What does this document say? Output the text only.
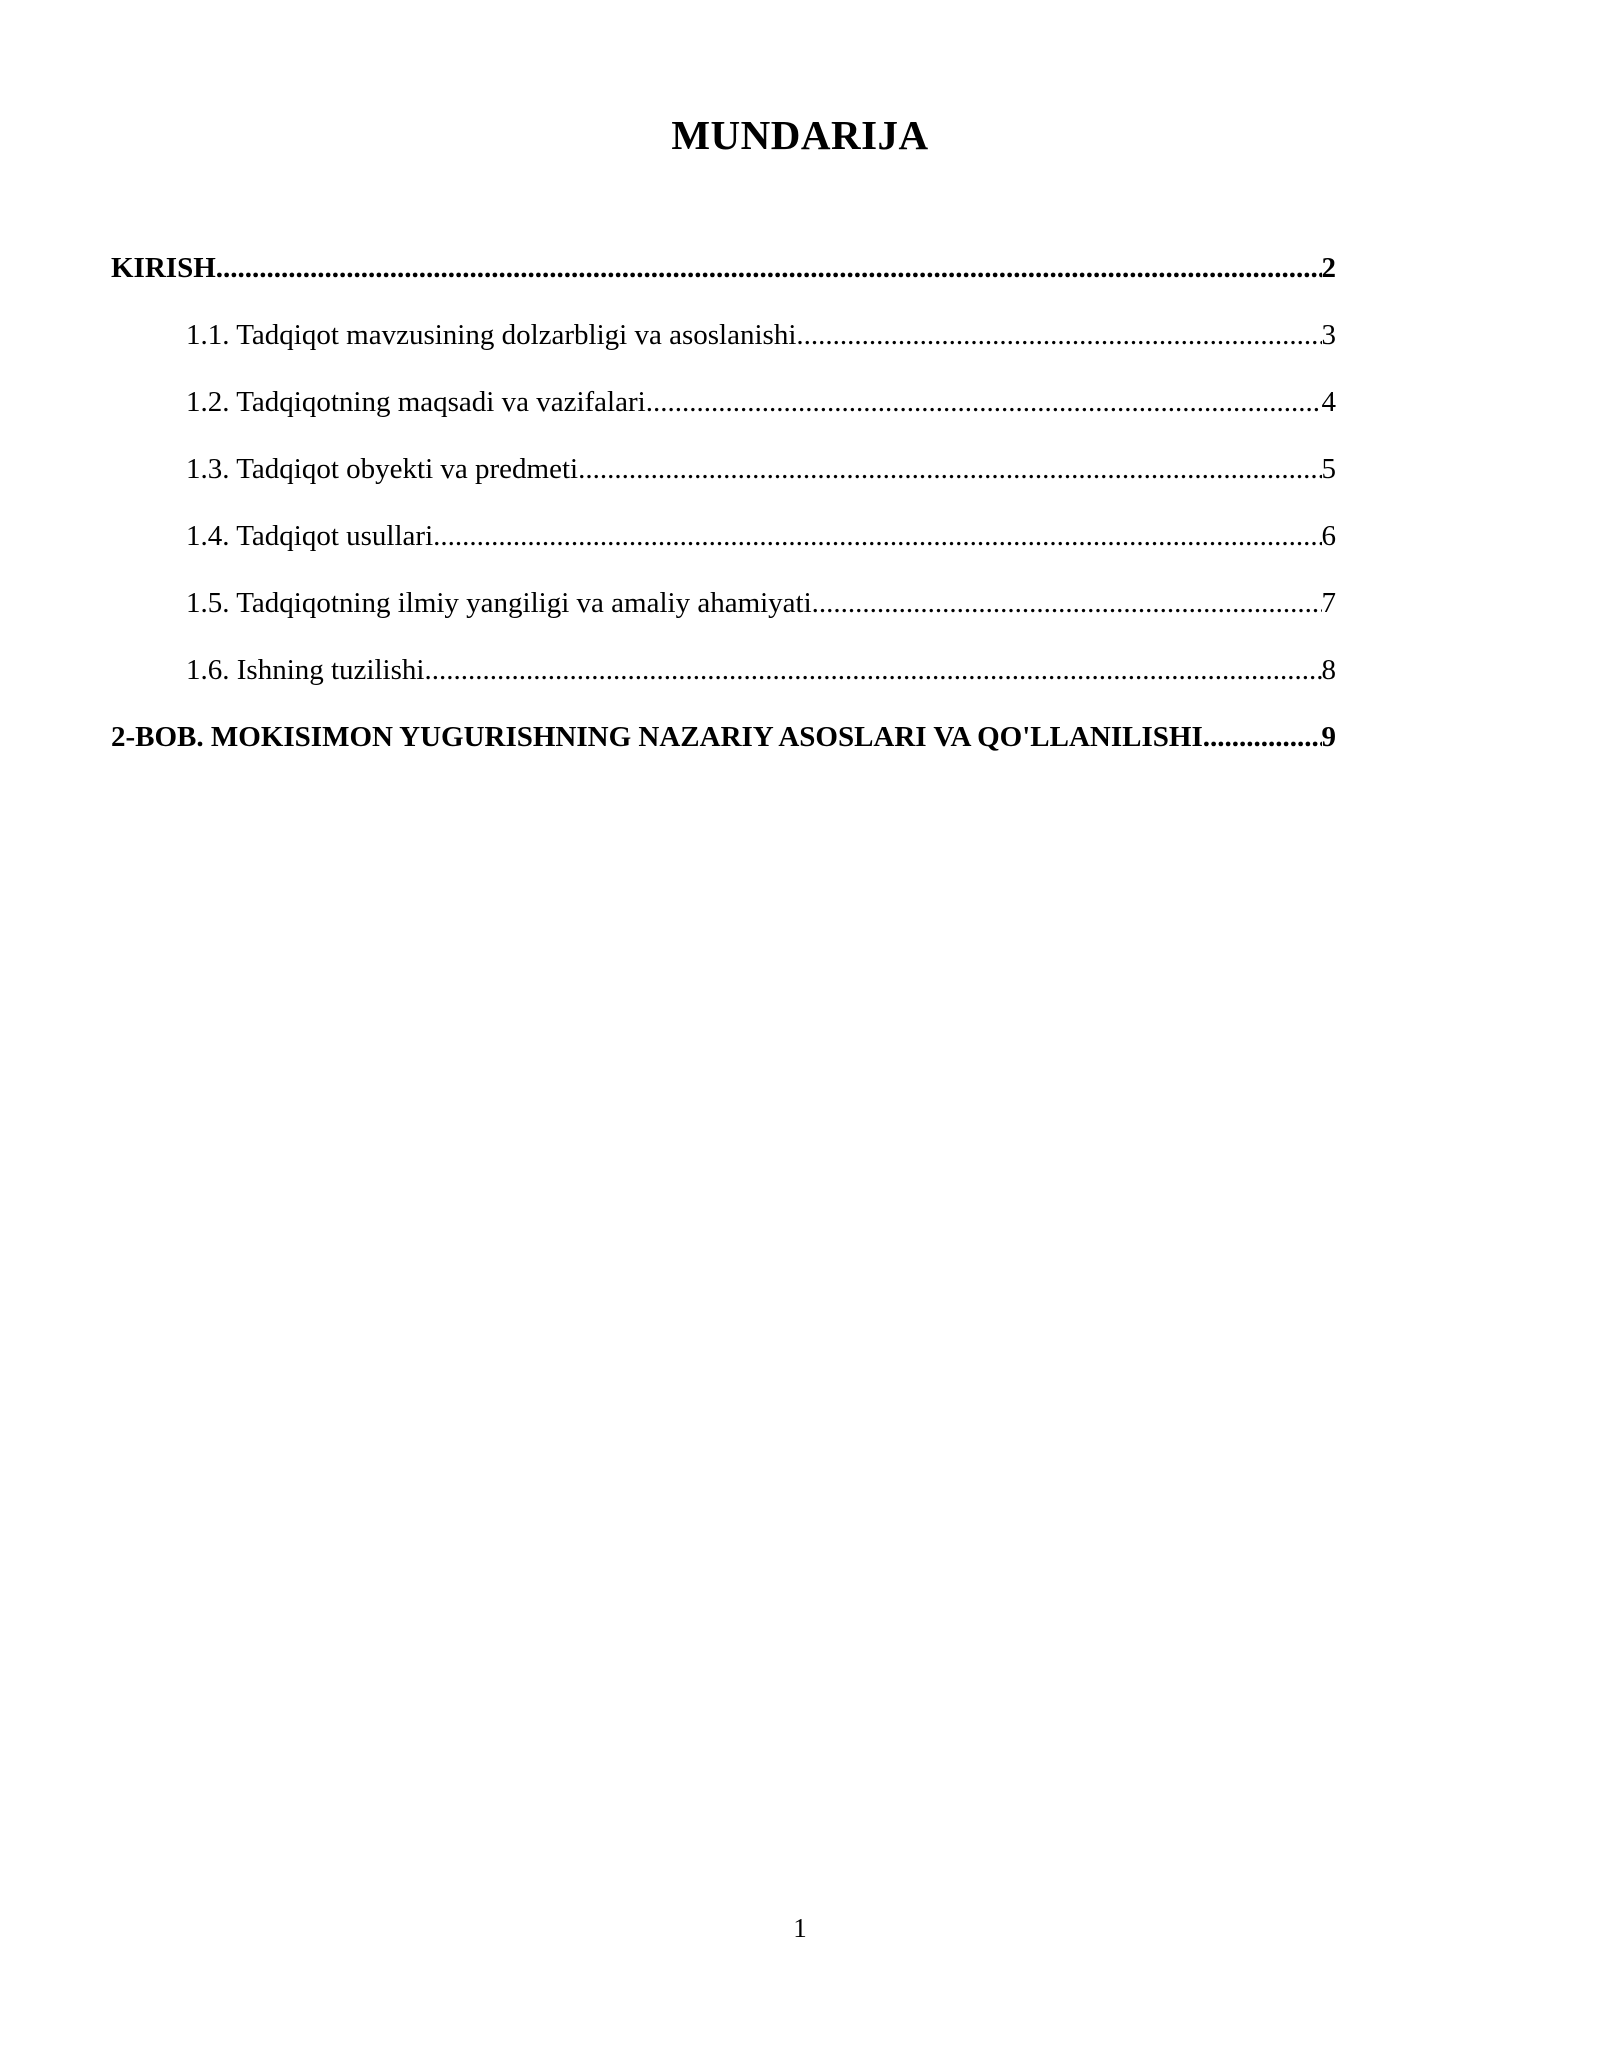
MUNDARIJA
KIRISH .....	2
1.1. Tadqiqot mavzusining dolzarbligi va asoslanishi .....	3
1.2. Tadqiqotning maqsadi va vazifalari .....	4
1.3. Tadqiqot obyekti va predmeti .....	5
1.4. Tadqiqot usullari .....	6
1.5. Tadqiqotning ilmiy yangiligi va amaliy ahamiyati .....	7
1.6. Ishning tuzilishi .....	8
2-BOB. MOKISIMON YUGURISHNING NAZARIY ASOSLARI VA QO'LLANILISHI .....	9
1
